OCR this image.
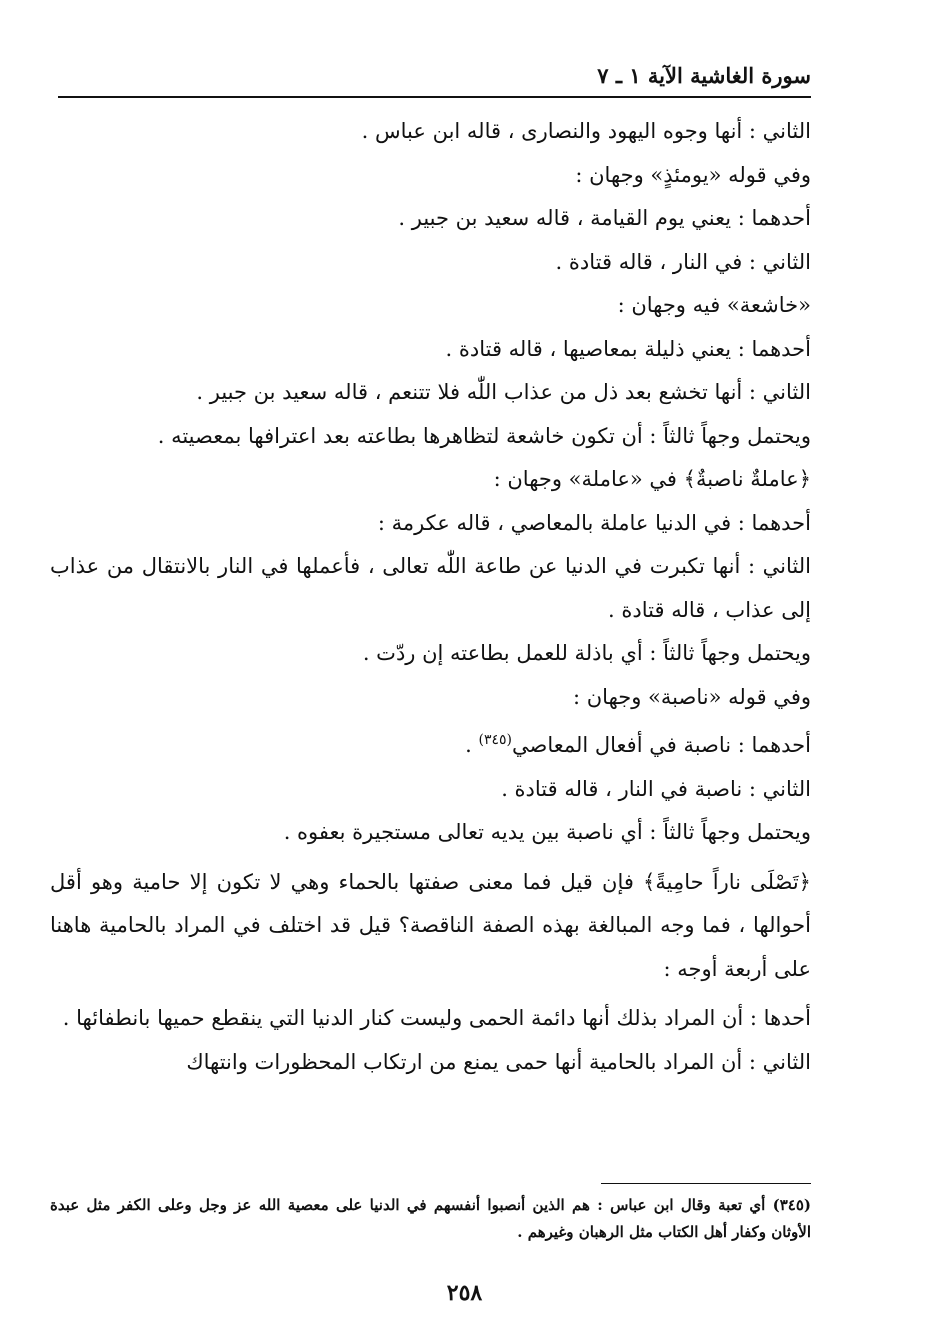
سورة الغاشية الآية ١ ـ ٧

الثاني : أنها وجوه اليهود والنصارى ، قاله ابن عباس .

وفي قوله «يومئذٍ» وجهان :

أحدهما : يعني يوم القيامة ، قاله سعيد بن جبير .

الثاني : في النار ، قاله قتادة .

«خاشعة» فيه وجهان :

أحدهما : يعني ذليلة بمعاصيها ، قاله قتادة .

الثاني : أنها تخشع بعد ذل من عذاب اللّٰه فلا تتنعم ، قاله سعيد بن جبير .

ويحتمل وجهاً ثالثاً : أن تكون خاشعة لتظاهرها بطاعته بعد اعترافها بمعصيته .

﴿عاملةٌ ناصبةٌ﴾ في «عاملة» وجهان :

أحدهما : في الدنيا عاملة بالمعاصي ، قاله عكرمة :

الثاني : أنها تكبرت في الدنيا عن طاعة اللّٰه تعالى ، فأعملها في النار بالانتقال من عذاب إلى عذاب ، قاله قتادة .

ويحتمل وجهاً ثالثاً : أي باذلة للعمل بطاعته إن ردّت .

وفي قوله «ناصبة» وجهان :

أحدهما : ناصبة في أفعال المعاصي$^{(٣٤٥)}$ .

الثاني : ناصبة في النار ، قاله قتادة .

ويحتمل وجهاً ثالثاً : أي ناصبة بين يديه تعالى مستجيرة بعفوه .

﴿تَصْلَى ناراً حامِيةً﴾ فإن قيل فما معنى صفتها بالحماء وهي لا تكون إلا حامية وهو أقل أحوالها ، فما وجه المبالغة بهذه الصفة الناقصة؟ قيل قد اختلف في المراد بالحامية هاهنا على أربعة أوجه :

أحدها : أن المراد بذلك أنها دائمة الحمى وليست كنار الدنيا التي ينقطع حميها بانطفائها .

الثاني : أن المراد بالحامية أنها حمى يمنع من ارتكاب المحظورات وانتهاك

(٣٤٥) أي تعبة وقال ابن عباس : هم الذين أنصبوا أنفسهم في الدنيا على معصية الله عز وجل وعلى الكفر مثل عبدة الأوثان وكفار أهل الكتاب مثل الرهبان وغيرهم .

٢٥٨
